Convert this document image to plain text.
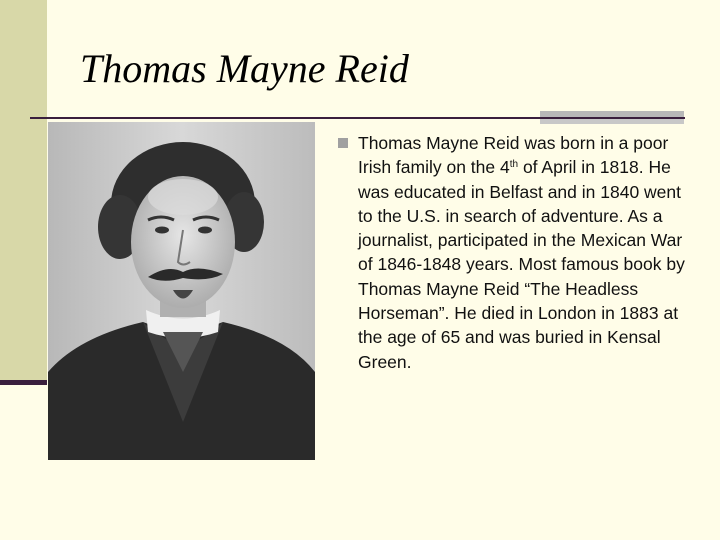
Thomas Mayne Reid

Thomas Mayne Reid was born in a poor Irish family on the 4th of April in 1818. He was educated in Belfast and in 1840 went to the U.S. in search of adventure. As a journalist, participated in the Mexican War of 1846-1848 years. Most famous book by Thomas Mayne Reid “The Headless Horseman”. He died in London in 1883 at the age of 65 and was buried in Kensal Green.
